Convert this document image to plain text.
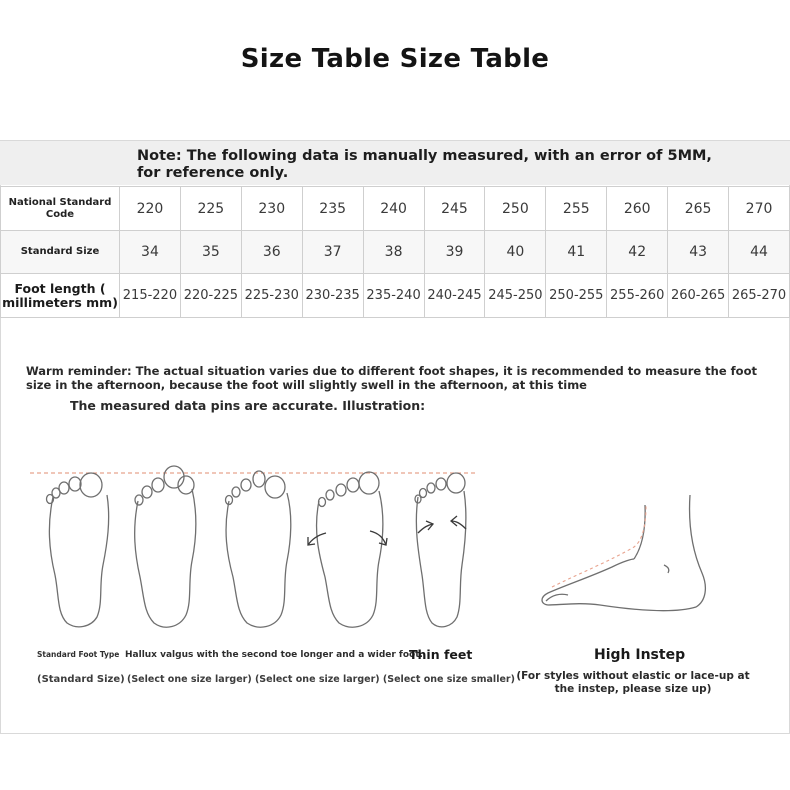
Size Table Size Table
Note: The following data is manually measured, with an error of 5MM, for reference only.
National Standard Code	220	225	230	235	240	245	250	255	260	265	270
Standard Size	34	35	36	37	38	39	40	41	42	43	44
Foot length ( millimeters mm)	215-220	220-225	225-230	230-235	235-240	240-245	245-250	250-255	255-260	260-265	265-270
Warm reminder: The actual situation varies due to different foot shapes, it is recommended to measure the foot size in the afternoon, because the foot will slightly swell in the afternoon, at this time
The measured data pins are accurate. Illustration:
Standard Foot Type Hallux valgus with the second toe longer and a wider foot.
Thin feet	High Instep
(Standard Size) (Select one size larger) (Select one size larger) (Select one size smaller) (For styles without elastic or lace-up at the instep, please size up)
